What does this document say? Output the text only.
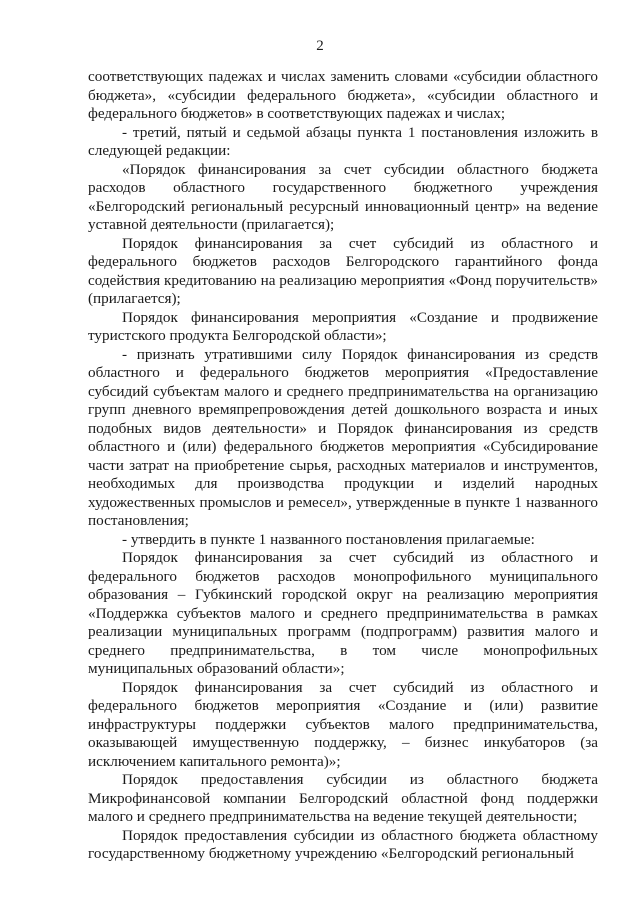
2

соответствующих падежах и числах заменить словами «субсидии областного бюджета», «субсидии федерального бюджета», «субсидии областного и федерального бюджетов» в соответствующих падежах и числах;

- третий, пятый и седьмой абзацы пункта 1 постановления изложить в следующей редакции:

«Порядок финансирования за счет субсидии областного бюджета расходов областного государственного бюджетного учреждения «Белгородский региональный ресурсный инновационный центр» на ведение уставной деятельности (прилагается);

Порядок финансирования за счет субсидий из областного и федерального бюджетов расходов Белгородского гарантийного фонда содействия кредитованию на реализацию мероприятия «Фонд поручительств» (прилагается);

Порядок финансирования мероприятия «Создание и продвижение туристского продукта Белгородской области»;

- признать утратившими силу Порядок финансирования из средств областного и федерального бюджетов мероприятия «Предоставление субсидий субъектам малого и среднего предпринимательства на организацию групп дневного времяпрепровождения детей дошкольного возраста и иных подобных видов деятельности» и Порядок финансирования из средств областного и (или) федерального бюджетов мероприятия «Субсидирование части затрат на приобретение сырья, расходных материалов и инструментов, необходимых для производства продукции и изделий народных художественных промыслов и ремесел», утвержденные в пункте 1 названного постановления;

- утвердить в пункте 1 названного постановления прилагаемые:

Порядок финансирования за счет субсидий из областного и федерального бюджетов расходов монопрофильного муниципального образования – Губкинский городской округ на реализацию мероприятия «Поддержка субъектов малого и среднего предпринимательства в рамках реализации муниципальных программ (подпрограмм) развития малого и среднего предпринимательства, в том числе монопрофильных муниципальных образований области»;

Порядок финансирования за счет субсидий из областного и федерального бюджетов мероприятия «Создание и (или) развитие инфраструктуры поддержки субъектов малого предпринимательства, оказывающей имущественную поддержку, – бизнес инкубаторов (за исключением капитального ремонта)»;

Порядок предоставления субсидии из областного бюджета Микрофинансовой компании Белгородский областной фонд поддержки малого и среднего предпринимательства на ведение текущей деятельности;

Порядок предоставления субсидии из областного бюджета областному государственному бюджетному учреждению «Белгородский региональный
